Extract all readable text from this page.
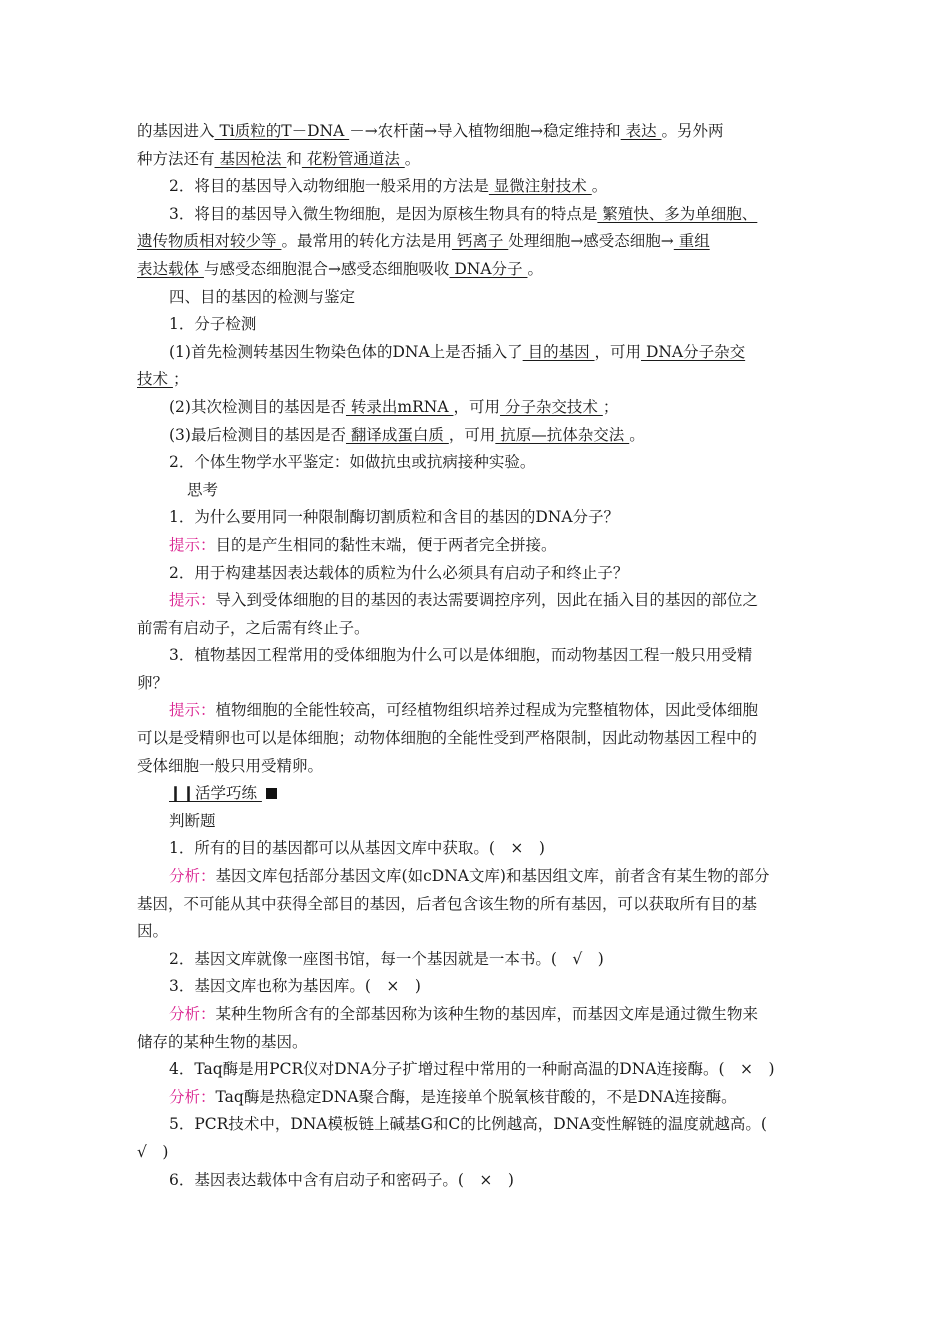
的基因进入 Ti质粒的T－DNA －→农杆菌→导入植物细胞→稳定维持和 表达 。另外两
种方法还有 基因枪法 和 花粉管通道法 。
2．将目的基因导入动物细胞一般采用的方法是 显微注射技术 。
3．将目的基因导入微生物细胞，是因为原核生物具有的特点是 繁殖快、多为单细胞、
遗传物质相对较少等 。最常用的转化方法是用 钙离子 处理细胞→感受态细胞→ 重组
表达载体 与感受态细胞混合→感受态细胞吸收 DNA分子 。
四、目的基因的检测与鉴定
1．分子检测
(1)首先检测转基因生物染色体的DNA上是否插入了 目的基因 ，可用 DNA分子杂交
技术 ；
(2)其次检测目的基因是否 转录出mRNA ，可用 分子杂交技术 ；
(3)最后检测目的基因是否 翻译成蛋白质 ，可用 抗原—抗体杂交法 。
2．个体生物学水平鉴定：如做抗虫或抗病接种实验。
思考
1．为什么要用同一种限制酶切割质粒和含目的基因的DNA分子？
提示：目的是产生相同的黏性末端，便于两者完全拼接。
2．用于构建基因表达载体的质粒为什么必须具有启动子和终止子？
提示：导入到受体细胞的目的基因的表达需要调控序列，因此在插入目的基因的部位之
前需有启动子，之后需有终止子。
3．植物基因工程常用的受体细胞为什么可以是体细胞，而动物基因工程一般只用受精
卵？
提示：植物细胞的全能性较高，可经植物组织培养过程成为完整植物体，因此受体细胞
可以是受精卵也可以是体细胞；动物体细胞的全能性受到严格限制，因此动物基因工程中的
受体细胞一般只用受精卵。
❙❙活学巧练
判断题
1．所有的目的基因都可以从基因文库中获取。(　×　)
分析：基因文库包括部分基因文库(如cDNA文库)和基因组文库，前者含有某生物的部分
基因，不可能从其中获得全部目的基因，后者包含该生物的所有基因，可以获取所有目的基
因。
2．基因文库就像一座图书馆，每一个基因就是一本书。(　√　)
3．基因文库也称为基因库。(　×　)
分析：某种生物所含有的全部基因称为该种生物的基因库，而基因文库是通过微生物来
储存的某种生物的基因。
4．Taq酶是用PCR仪对DNA分子扩增过程中常用的一种耐高温的DNA连接酶。(　×　)
分析：Taq酶是热稳定DNA聚合酶，是连接单个脱氧核苷酸的，不是DNA连接酶。
5．PCR技术中，DNA模板链上碱基G和C的比例越高，DNA变性解链的温度就越高。(
√　)
6．基因表达载体中含有启动子和密码子。(　×　)
